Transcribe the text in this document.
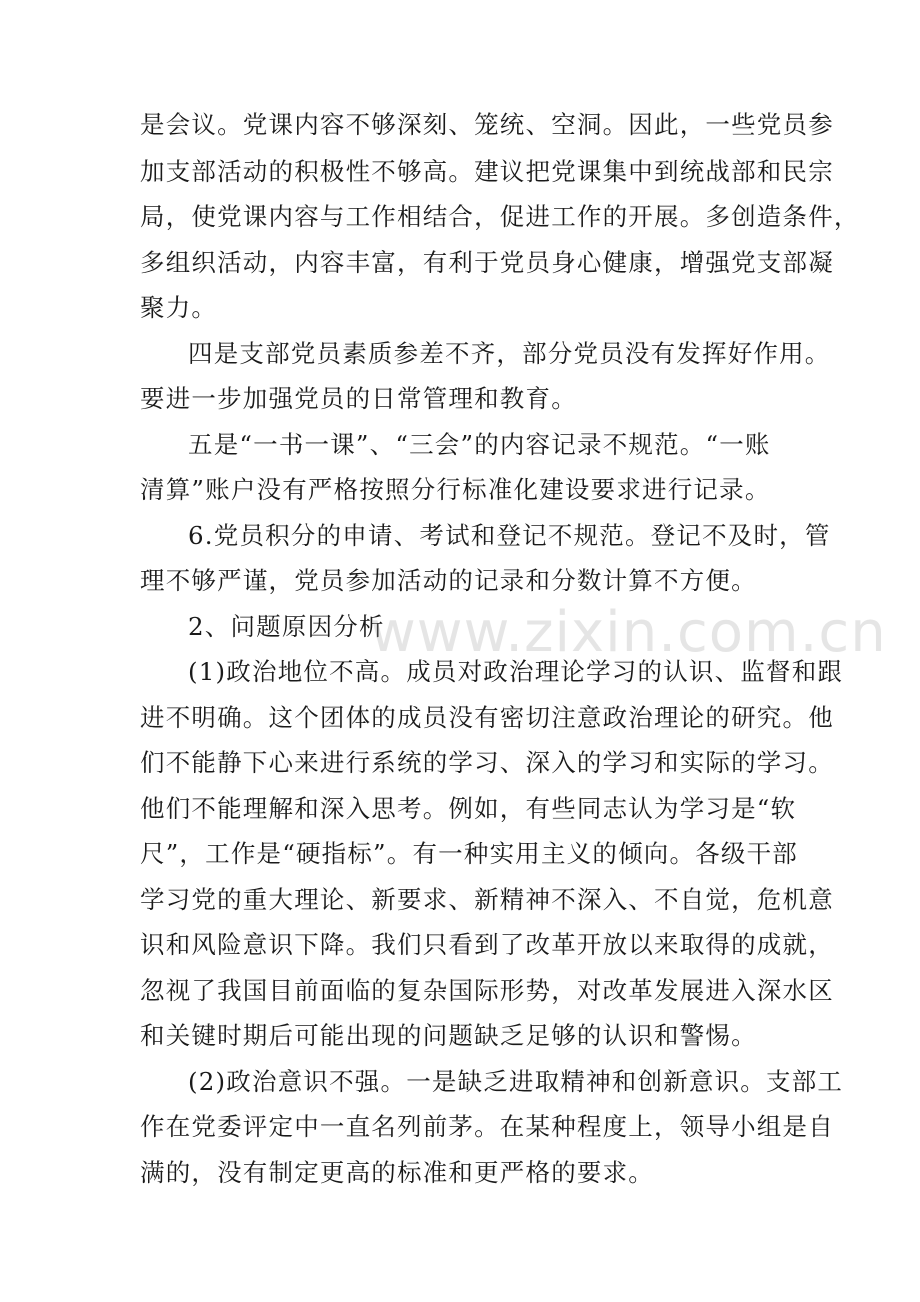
是会议。党课内容不够深刻、笼统、空洞。因此，一些党员参
加支部活动的积极性不够高。建议把党课集中到统战部和民宗
局，使党课内容与工作相结合，促进工作的开展。多创造条件，
多组织活动，内容丰富，有利于党员身心健康，增强党支部凝
聚力。
四是支部党员素质参差不齐，部分党员没有发挥好作用。
要进一步加强党员的日常管理和教育。
五是“一书一课”、“三会”的内容记录不规范。“一账
清算”账户没有严格按照分行标准化建设要求进行记录。
6.党员积分的申请、考试和登记不规范。登记不及时，管
理不够严谨，党员参加活动的记录和分数计算不方便。
2、问题原因分析
(1)政治地位不高。成员对政治理论学习的认识、监督和跟
进不明确。这个团体的成员没有密切注意政治理论的研究。他
们不能静下心来进行系统的学习、深入的学习和实际的学习。
他们不能理解和深入思考。例如，有些同志认为学习是“软
尺”，工作是“硬指标”。有一种实用主义的倾向。各级干部
学习党的重大理论、新要求、新精神不深入、不自觉，危机意
识和风险意识下降。我们只看到了改革开放以来取得的成就，
忽视了我国目前面临的复杂国际形势，对改革发展进入深水区
和关键时期后可能出现的问题缺乏足够的认识和警惕。
(2)政治意识不强。一是缺乏进取精神和创新意识。支部工
作在党委评定中一直名列前茅。在某种程度上，领导小组是自
满的，没有制定更高的标准和更严格的要求。
www.zixin.com.cn
